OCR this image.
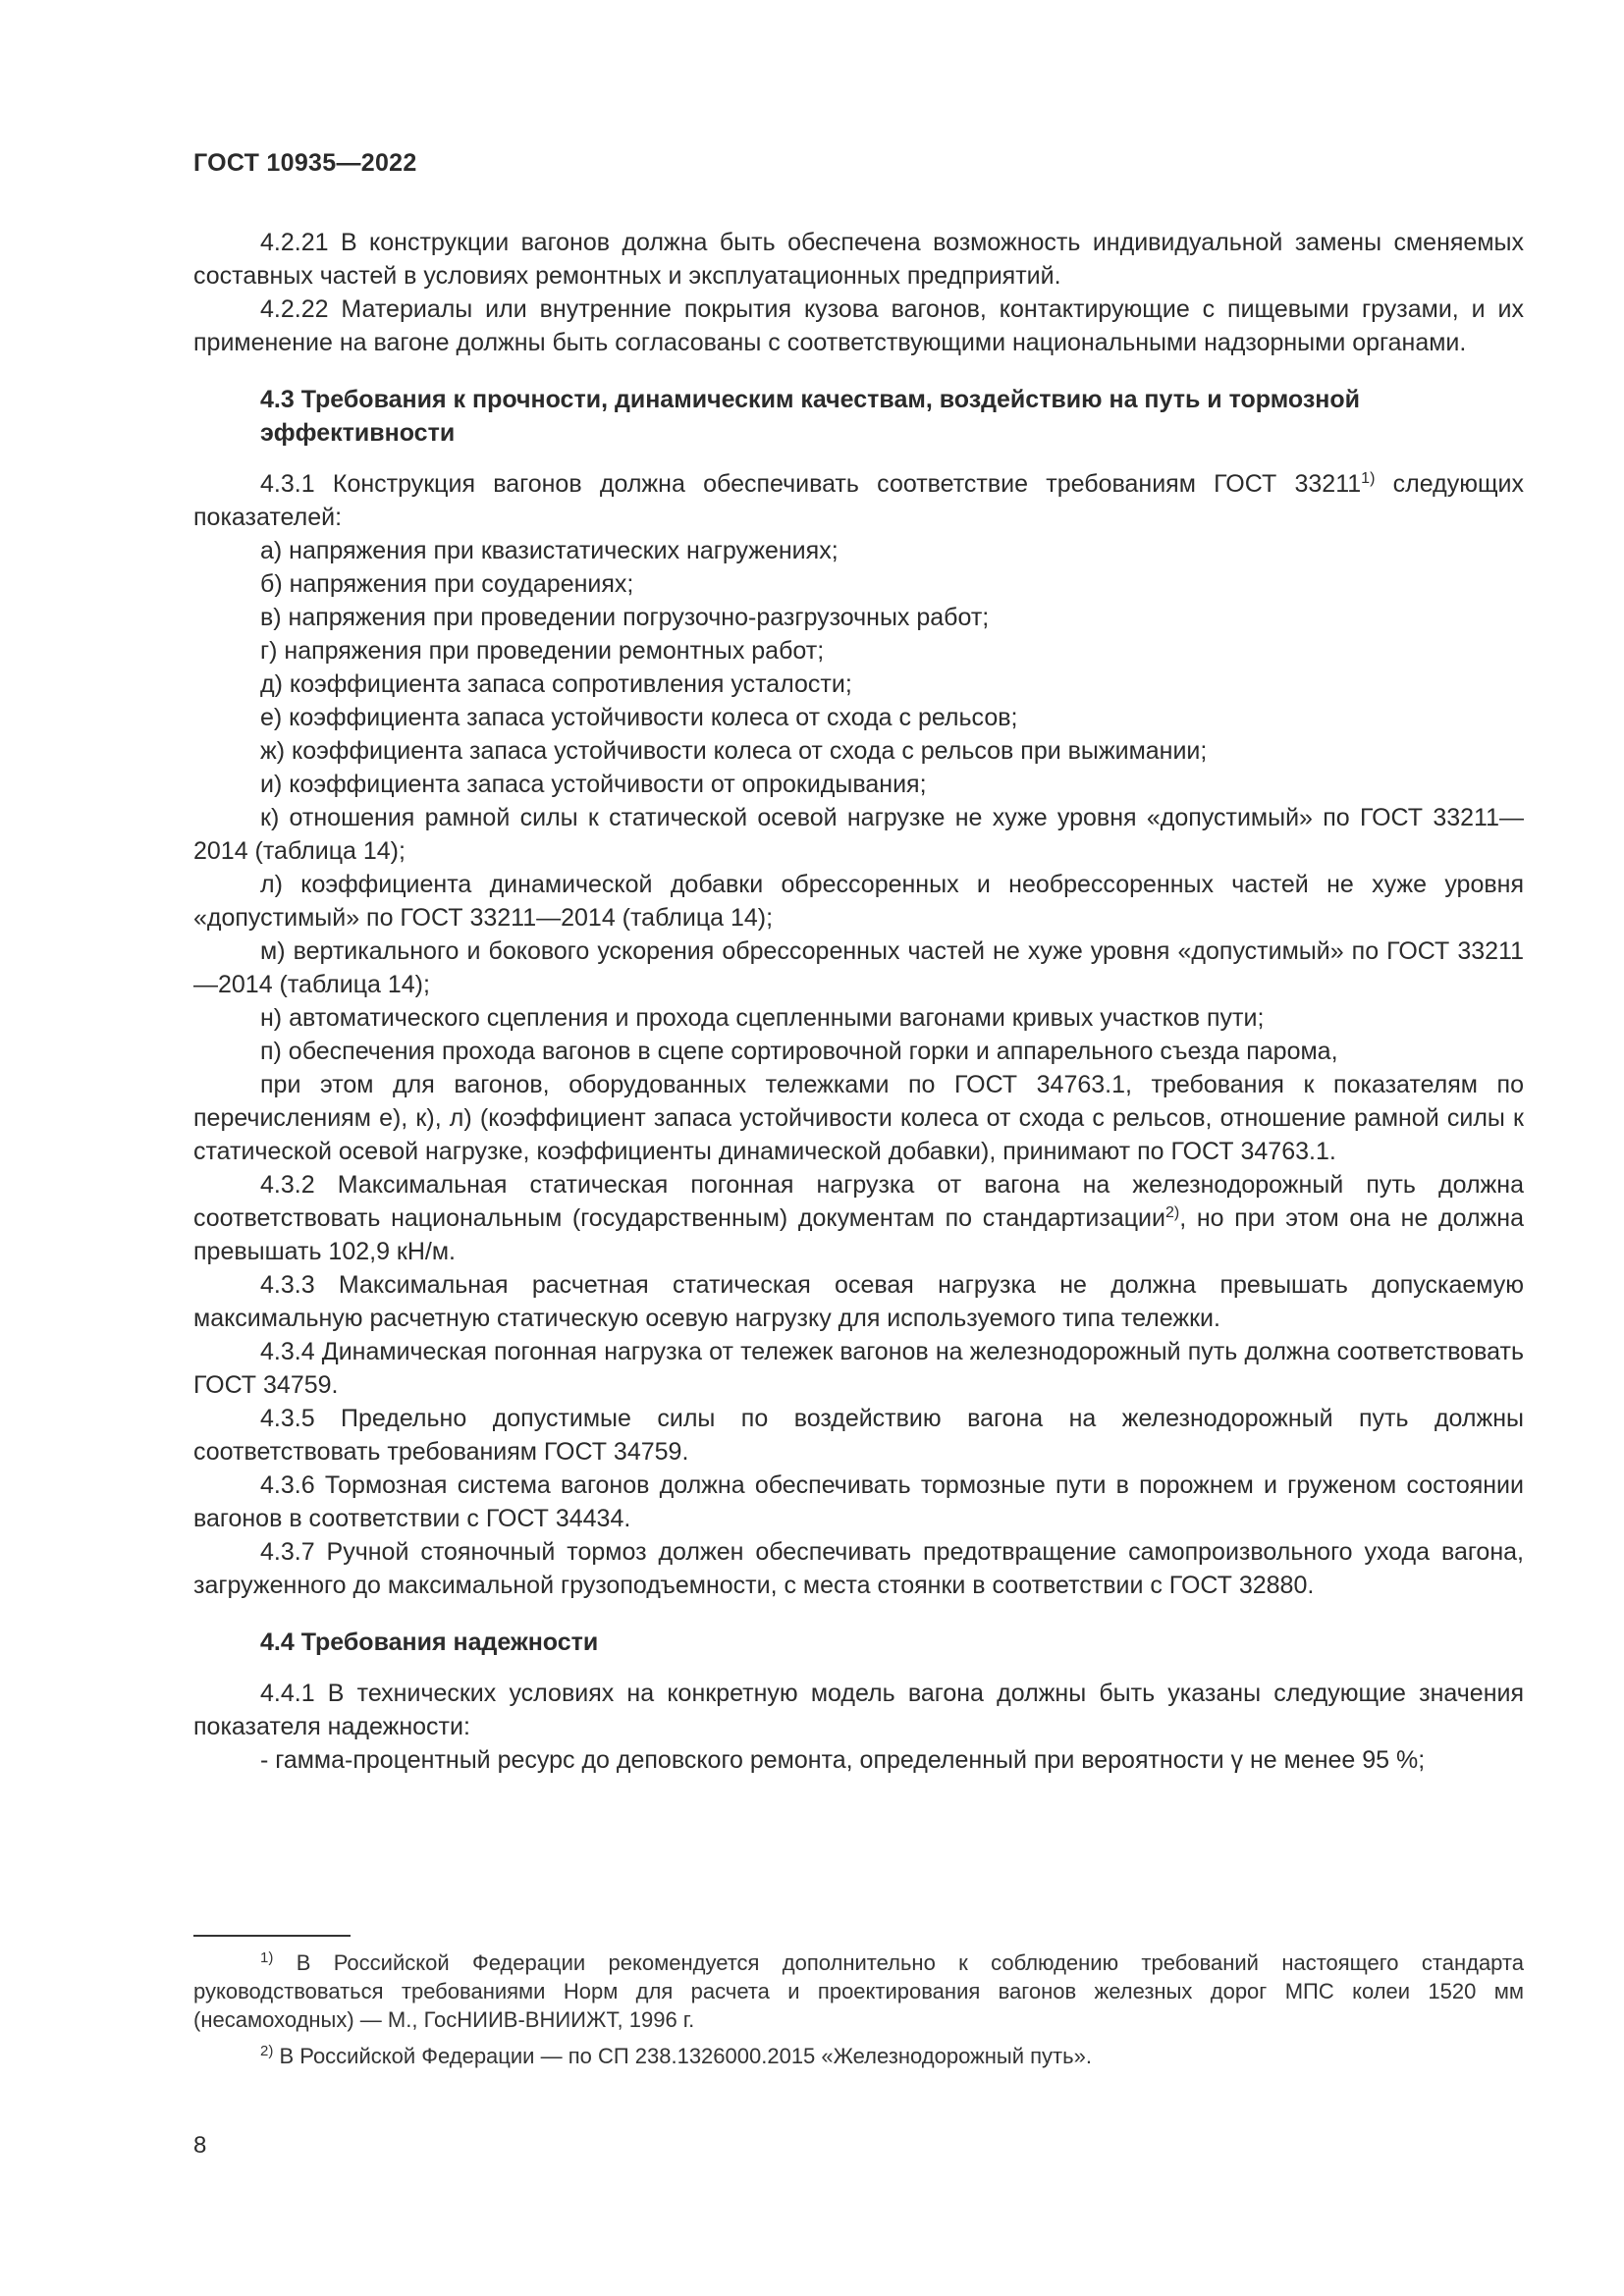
ГОСТ 10935—2022

4.2.21 В конструкции вагонов должна быть обеспечена возможность индивидуальной замены сменяемых составных частей в условиях ремонтных и эксплуатационных предприятий.

4.2.22 Материалы или внутренние покрытия кузова вагонов, контактирующие с пищевыми грузами, и их применение на вагоне должны быть согласованы с соответствующими национальными надзорными органами.

4.3 Требования к прочности, динамическим качествам, воздействию на путь и тормозной эффективности

4.3.1 Конструкция вагонов должна обеспечивать соответствие требованиям ГОСТ 33211$^{1)}$ следующих показателей:

а) напряжения при квазистатических нагружениях;

б) напряжения при соударениях;

в) напряжения при проведении погрузочно-разгрузочных работ;

г) напряжения при проведении ремонтных работ;

д) коэффициента запаса сопротивления усталости;

е) коэффициента запаса устойчивости колеса от схода с рельсов;

ж) коэффициента запаса устойчивости колеса от схода с рельсов при выжимании;

и) коэффициента запаса устойчивости от опрокидывания;

к) отношения рамной силы к статической осевой нагрузке не хуже уровня «допустимый» по ГОСТ 33211—2014 (таблица 14);

л) коэффициента динамической добавки обрессоренных и необрессоренных частей не хуже уровня «допустимый» по ГОСТ 33211—2014 (таблица 14);

м) вертикального и бокового ускорения обрессоренных частей не хуже уровня «допустимый» по ГОСТ 33211—2014 (таблица 14);

н) автоматического сцепления и прохода сцепленными вагонами кривых участков пути;

п) обеспечения прохода вагонов в сцепе сортировочной горки и аппарельного съезда парома,

при этом для вагонов, оборудованных тележками по ГОСТ 34763.1, требования к показателям по перечислениям е), к), л) (коэффициент запаса устойчивости колеса от схода с рельсов, отношение рамной силы к статической осевой нагрузке, коэффициенты динамической добавки), принимают по ГОСТ 34763.1.

4.3.2 Максимальная статическая погонная нагрузка от вагона на железнодорожный путь должна соответствовать национальным (государственным) документам по стандартизации$^{2)}$, но при этом она не должна превышать 102,9 кН/м.

4.3.3 Максимальная расчетная статическая осевая нагрузка не должна превышать допускаемую максимальную расчетную статическую осевую нагрузку для используемого типа тележки.

4.3.4 Динамическая погонная нагрузка от тележек вагонов на железнодорожный путь должна соответствовать ГОСТ 34759.

4.3.5 Предельно допустимые силы по воздействию вагона на железнодорожный путь должны соответствовать требованиям ГОСТ 34759.

4.3.6 Тормозная система вагонов должна обеспечивать тормозные пути в порожнем и груженом состоянии вагонов в соответствии с ГОСТ 34434.

4.3.7 Ручной стояночный тормоз должен обеспечивать предотвращение самопроизвольного ухода вагона, загруженного до максимальной грузоподъемности, с места стоянки в соответствии с ГОСТ 32880.

4.4 Требования надежности

4.4.1 В технических условиях на конкретную модель вагона должны быть указаны следующие значения показателя надежности:

- гамма-процентный ресурс до деповского ремонта, определенный при вероятности γ не менее 95 %;

$^{1)}$ В Российской Федерации рекомендуется дополнительно к соблюдению требований настоящего стандарта руководствоваться требованиями Норм для расчета и проектирования вагонов железных дорог МПС колеи 1520 мм (несамоходных) — М., ГосНИИВ-ВНИИЖТ, 1996 г.

$^{2)}$ В Российской Федерации — по СП 238.1326000.2015 «Железнодорожный путь».

8
